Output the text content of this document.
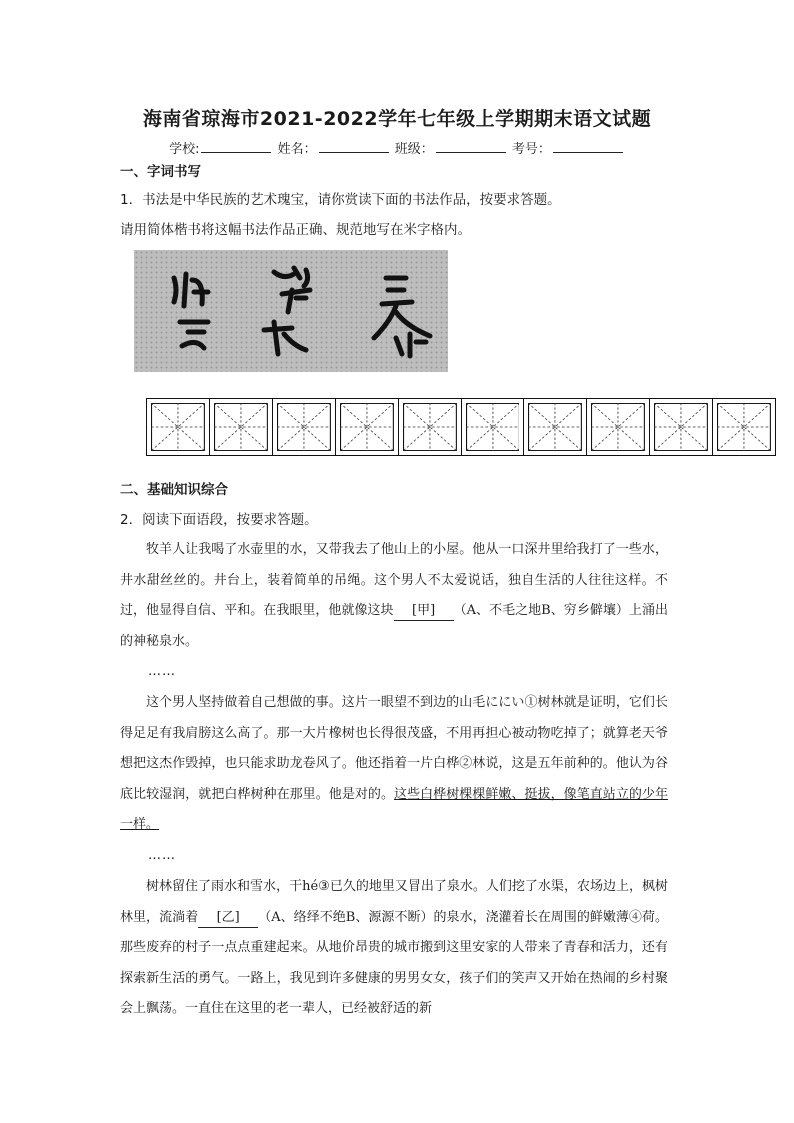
海南省琼海市2021-2022学年七年级上学期期末语文试题
学校:	姓名：	班级：	考号：
一、字词书写
1．书法是中华民族的艺术瑰宝，请你赏读下面的书法作品，按要求答题。
请用简体楷书将这幅书法作品正确、规范地写在米字格内。
二、基础知识综合
2．阅读下面语段，按要求答题。
牧羊人让我喝了水壶里的水，又带我去了他山上的小屋。他从一口深井里给我打了一些水，井水甜丝丝的。井台上，装着简单的吊绳。这个男人不太爱说话，独自生活的人往往这样。不过，他显得自信、平和。在我眼里，他就像这块 [甲] （A、不毛之地B、穷乡僻壤）上涌出的神秘泉水。
……
这个男人坚持做着自己想做的事。这片一眼望不到边的山毛ににい①树林就是证明，它们长得足足有我肩膀这么高了。那一大片橡树也长得很茂盛，不用再担心被动物吃掉了；就算老天爷想把这杰作毁掉，也只能求助龙卷风了。他还指着一片白桦②林说，这是五年前种的。他认为谷底比较湿润，就把白桦树种在那里。他是对的。这些白桦树棵棵鲜嫩、挺拔，像笔直站立的少年一样。
……
树林留住了雨水和雪水，干hé③已久的地里又冒出了泉水。人们挖了水渠，农场边上，枫树林里，流淌着 [乙] （A、络绎不绝B、源源不断）的泉水，浇灌着长在周围的鲜嫩薄④荷。那些废弃的村子一点点重建起来。从地价昂贵的城市搬到这里安家的人带来了青春和活力，还有探索新生活的勇气。一路上，我见到许多健康的男男女女，孩子们的笑声又开始在热闹的乡村聚会上飘荡。一直住在这里的老一辈人，已经被舒适的新
